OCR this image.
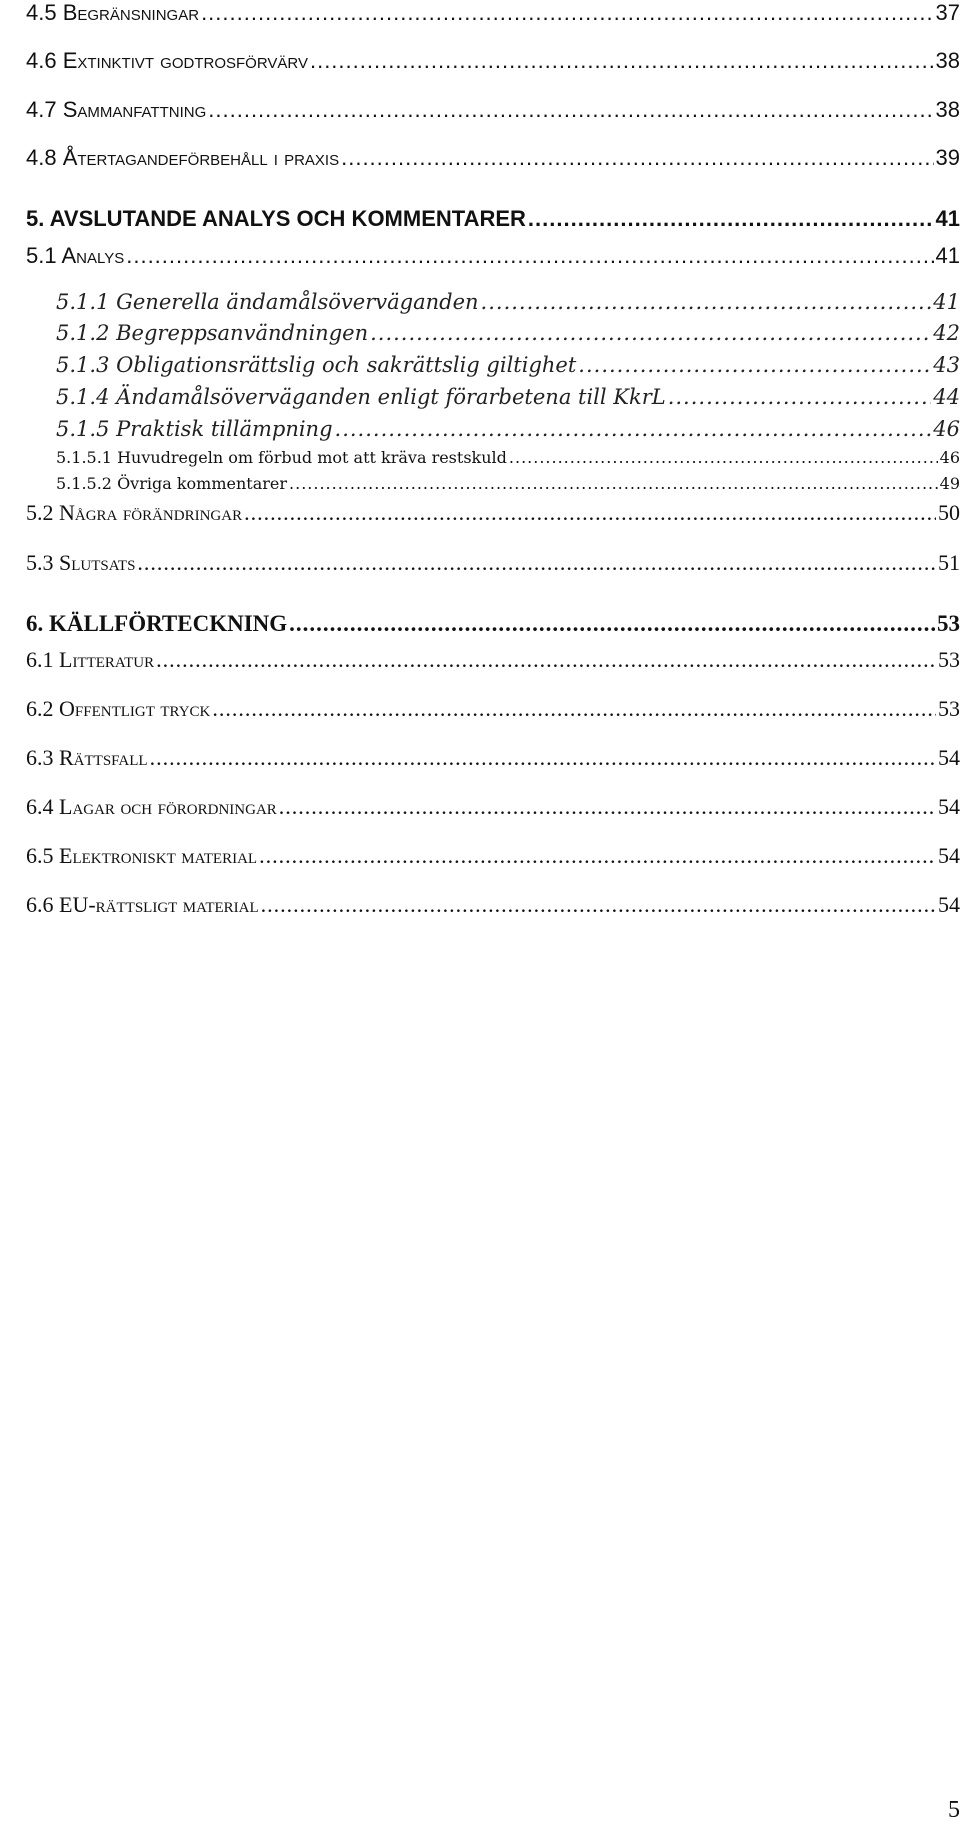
4.5 Begränsningar .....	37
4.6 Extinktivt godtrosförvärv .....	38
4.7 Sammanfattning .....	38
4.8 Återtagandeförbehåll i praxis .....	39
5. AVSLUTANDE ANALYS OCH KOMMENTARER .....	41
5.1 Analys .....	41
5.1.1 Generella ändamålsöverväganden .....	41
5.1.2 Begreppsanvändningen .....	42
5.1.3 Obligationsrättslig och sakrättslig giltighet .....	43
5.1.4 Ändamålsöverväganden enligt förarbetena till KkrL .....	44
5.1.5 Praktisk tillämpning .....	46
5.1.5.1 Huvudregeln om förbud mot att kräva restskuld .....	46
5.1.5.2 Övriga kommentarer .....	49
5.2 Några förändringar .....	50
5.3 Slutsats .....	51
6. KÄLLFÖRTECKNING .....	53
6.1 Litteratur .....	53
6.2 Offentligt tryck .....	53
6.3 Rättsfall .....	54
6.4 Lagar och förordningar .....	54
6.5 Elektroniskt material .....	54
6.6 EU-rättsligt material .....	54
5
